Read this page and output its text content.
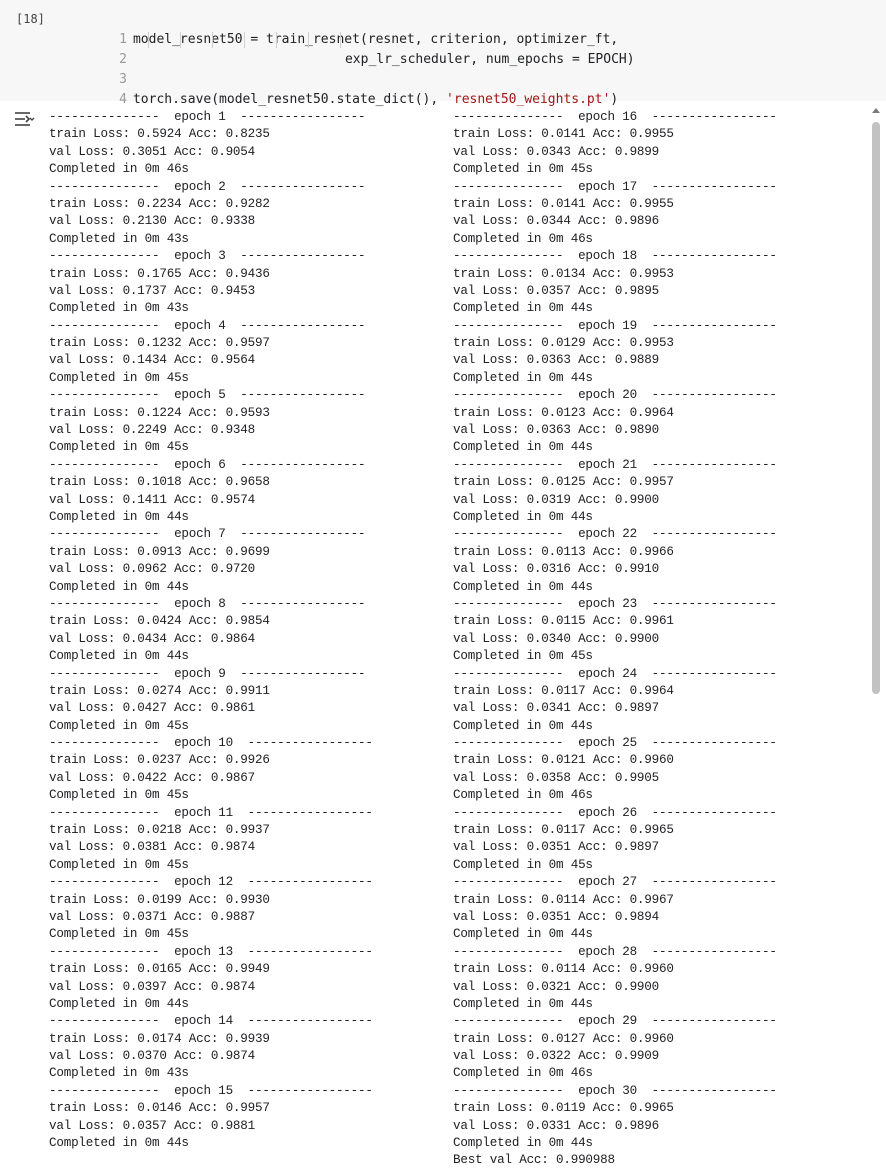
[18]

1 model_resnet50 = train_resnet(resnet, criterion, optimizer_ft,

2	exp_lr_scheduler, num_epochs = EPOCH)

3

4 torch.save(model_resnet50.state_dict(), 'resnet50_weights.pt')

---------------  epoch 1  -----------------
train Loss: 0.5924 Acc: 0.8235
val Loss: 0.3051 Acc: 0.9054
Completed in 0m 46s
---------------  epoch 2  -----------------
train Loss: 0.2234 Acc: 0.9282
val Loss: 0.2130 Acc: 0.9338
Completed in 0m 43s
---------------  epoch 3  -----------------
train Loss: 0.1765 Acc: 0.9436
val Loss: 0.1737 Acc: 0.9453
Completed in 0m 43s
---------------  epoch 4  -----------------
train Loss: 0.1232 Acc: 0.9597
val Loss: 0.1434 Acc: 0.9564
Completed in 0m 45s
---------------  epoch 5  -----------------
train Loss: 0.1224 Acc: 0.9593
val Loss: 0.2249 Acc: 0.9348
Completed in 0m 45s
---------------  epoch 6  -----------------
train Loss: 0.1018 Acc: 0.9658
val Loss: 0.1411 Acc: 0.9574
Completed in 0m 44s
---------------  epoch 7  -----------------
train Loss: 0.0913 Acc: 0.9699
val Loss: 0.0962 Acc: 0.9720
Completed in 0m 44s
---------------  epoch 8  -----------------
train Loss: 0.0424 Acc: 0.9854
val Loss: 0.0434 Acc: 0.9864
Completed in 0m 44s
---------------  epoch 9  -----------------
train Loss: 0.0274 Acc: 0.9911
val Loss: 0.0427 Acc: 0.9861
Completed in 0m 45s
---------------  epoch 10  -----------------
train Loss: 0.0237 Acc: 0.9926
val Loss: 0.0422 Acc: 0.9867
Completed in 0m 45s
---------------  epoch 11  -----------------
train Loss: 0.0218 Acc: 0.9937
val Loss: 0.0381 Acc: 0.9874
Completed in 0m 45s
---------------  epoch 12  -----------------
train Loss: 0.0199 Acc: 0.9930
val Loss: 0.0371 Acc: 0.9887
Completed in 0m 45s
---------------  epoch 13  -----------------
train Loss: 0.0165 Acc: 0.9949
val Loss: 0.0397 Acc: 0.9874
Completed in 0m 44s
---------------  epoch 14  -----------------
train Loss: 0.0174 Acc: 0.9939
val Loss: 0.0370 Acc: 0.9874
Completed in 0m 43s
---------------  epoch 15  -----------------
train Loss: 0.0146 Acc: 0.9957
val Loss: 0.0357 Acc: 0.9881
Completed in 0m 44s
---------------  epoch 16  -----------------
train Loss: 0.0141 Acc: 0.9955
val Loss: 0.0343 Acc: 0.9899
Completed in 0m 45s
---------------  epoch 17  -----------------
train Loss: 0.0141 Acc: 0.9955
val Loss: 0.0344 Acc: 0.9896
Completed in 0m 46s
---------------  epoch 18  -----------------
train Loss: 0.0134 Acc: 0.9953
val Loss: 0.0357 Acc: 0.9895
Completed in 0m 44s
---------------  epoch 19  -----------------
train Loss: 0.0129 Acc: 0.9953
val Loss: 0.0363 Acc: 0.9889
Completed in 0m 44s
---------------  epoch 20  -----------------
train Loss: 0.0123 Acc: 0.9964
val Loss: 0.0363 Acc: 0.9890
Completed in 0m 44s
---------------  epoch 21  -----------------
train Loss: 0.0125 Acc: 0.9957
val Loss: 0.0319 Acc: 0.9900
Completed in 0m 44s
---------------  epoch 22  -----------------
train Loss: 0.0113 Acc: 0.9966
val Loss: 0.0316 Acc: 0.9910
Completed in 0m 44s
---------------  epoch 23  -----------------
train Loss: 0.0115 Acc: 0.9961
val Loss: 0.0340 Acc: 0.9900
Completed in 0m 45s
---------------  epoch 24  -----------------
train Loss: 0.0117 Acc: 0.9964
val Loss: 0.0341 Acc: 0.9897
Completed in 0m 44s
---------------  epoch 25  -----------------
train Loss: 0.0121 Acc: 0.9960
val Loss: 0.0358 Acc: 0.9905
Completed in 0m 46s
---------------  epoch 26  -----------------
train Loss: 0.0117 Acc: 0.9965
val Loss: 0.0351 Acc: 0.9897
Completed in 0m 45s
---------------  epoch 27  -----------------
train Loss: 0.0114 Acc: 0.9967
val Loss: 0.0351 Acc: 0.9894
Completed in 0m 44s
---------------  epoch 28  -----------------
train Loss: 0.0114 Acc: 0.9960
val Loss: 0.0321 Acc: 0.9900
Completed in 0m 44s
---------------  epoch 29  -----------------
train Loss: 0.0127 Acc: 0.9960
val Loss: 0.0322 Acc: 0.9909
Completed in 0m 46s
---------------  epoch 30  -----------------
train Loss: 0.0119 Acc: 0.9965
val Loss: 0.0331 Acc: 0.9896
Completed in 0m 44s
Best val Acc: 0.990988
